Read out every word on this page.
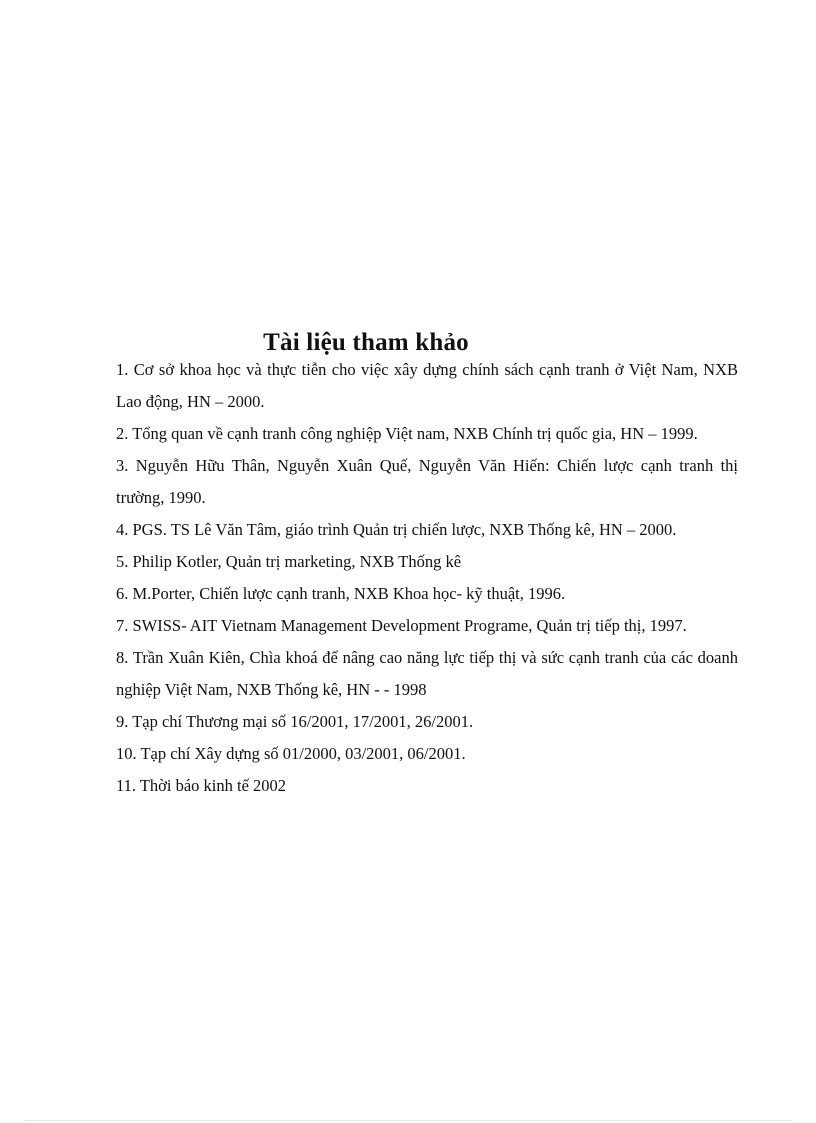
Tài liệu tham khảo
1. Cơ sở khoa học và thực tiễn cho việc xây dựng chính sách cạnh tranh ở Việt Nam, NXB Lao động, HN – 2000.
2. Tổng quan về cạnh tranh công nghiệp Việt nam, NXB Chính trị quốc gia, HN – 1999.
3. Nguyễn Hữu Thân, Nguyễn Xuân Quế, Nguyễn Văn Hiến: Chiến lược cạnh tranh thị trường, 1990.
4. PGS. TS Lê Văn Tâm, giáo trình Quản trị chiến lược, NXB Thống kê, HN – 2000.
5. Philip Kotler, Quản trị marketing, NXB Thống kê
6. M.Porter, Chiến lược cạnh tranh, NXB Khoa học- kỹ thuật, 1996.
7. SWISS- AIT Vietnam Management Development Programe, Quản trị tiếp thị, 1997.
8. Trần Xuân Kiên, Chìa khoá để nâng cao năng lực tiếp thị và sức cạnh tranh của các doanh nghiệp Việt Nam, NXB Thống kê, HN - - 1998
9. Tạp chí Thương mại số 16/2001, 17/2001, 26/2001.
10. Tạp chí Xây dựng số 01/2000, 03/2001, 06/2001.
11. Thời báo kinh tế 2002
